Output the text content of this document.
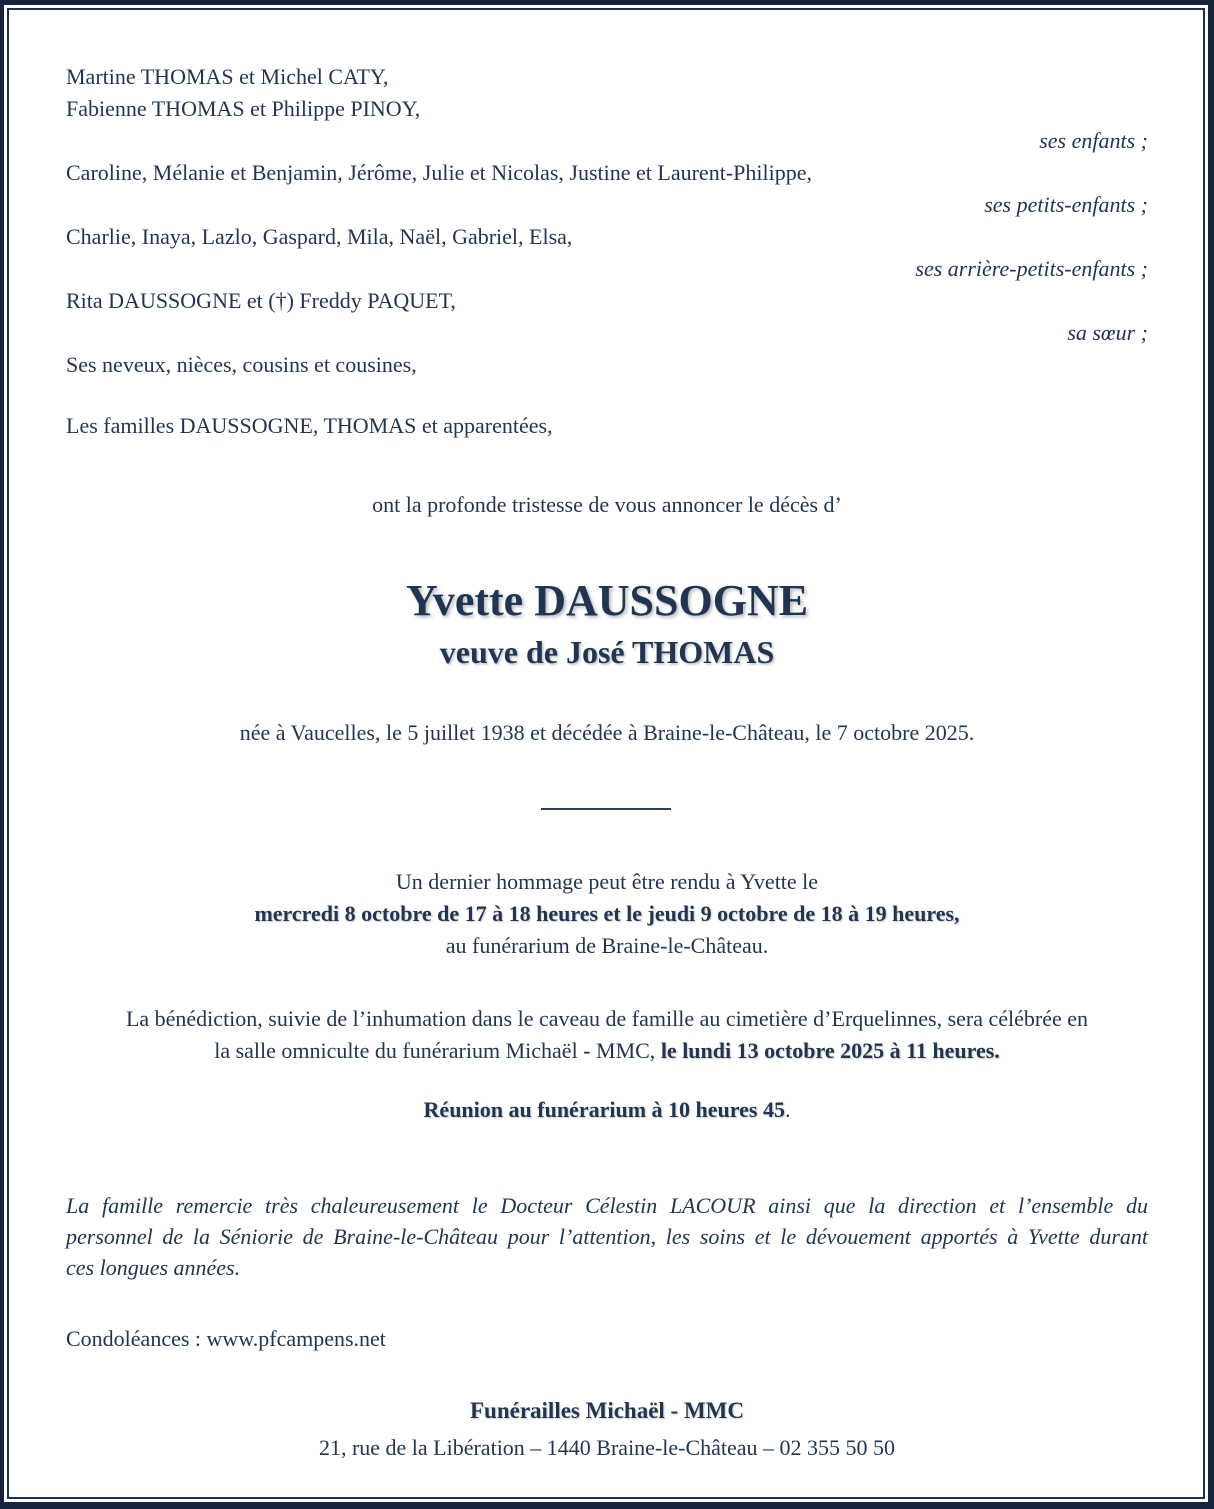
Martine THOMAS et Michel CATY,
Fabienne THOMAS et Philippe PINOY,
ses enfants ;
Caroline, Mélanie et Benjamin, Jérôme, Julie et Nicolas, Justine et Laurent-Philippe,
ses petits-enfants ;
Charlie, Inaya, Lazlo, Gaspard, Mila, Naël, Gabriel, Elsa,
ses arrière-petits-enfants ;
Rita DAUSSOGNE et (†) Freddy PAQUET,
sa sœur ;
Ses neveux, nièces, cousins et cousines,
Les familles DAUSSOGNE, THOMAS et apparentées,
ont la profonde tristesse de vous annoncer le décès d’
Yvette DAUSSOGNE
veuve de José THOMAS
née à Vaucelles, le 5 juillet 1938 et décédée à Braine-le-Château, le 7 octobre 2025.
Un dernier hommage peut être rendu à Yvette le
mercredi 8 octobre de 17 à 18 heures et le jeudi 9 octobre de 18 à 19 heures,
au funérarium de Braine-le-Château.
La bénédiction, suivie de l’inhumation dans le caveau de famille au cimetière d’Erquelinnes, sera célébrée en
la salle omniculte du funérarium Michaël - MMC, le lundi 13 octobre 2025 à 11 heures.
Réunion au funérarium à 10 heures 45.
La famille remercie très chaleureusement le Docteur Célestin LACOUR ainsi que la direction et l’ensemble du
personnel de la Séniorie de Braine-le-Château pour l’attention, les soins et le dévouement apportés à Yvette durant
ces longues années.
Condoléances : www.pfcampens.net
Funérailles Michaël - MMC
21, rue de la Libération – 1440 Braine-le-Château – 02 355 50 50
